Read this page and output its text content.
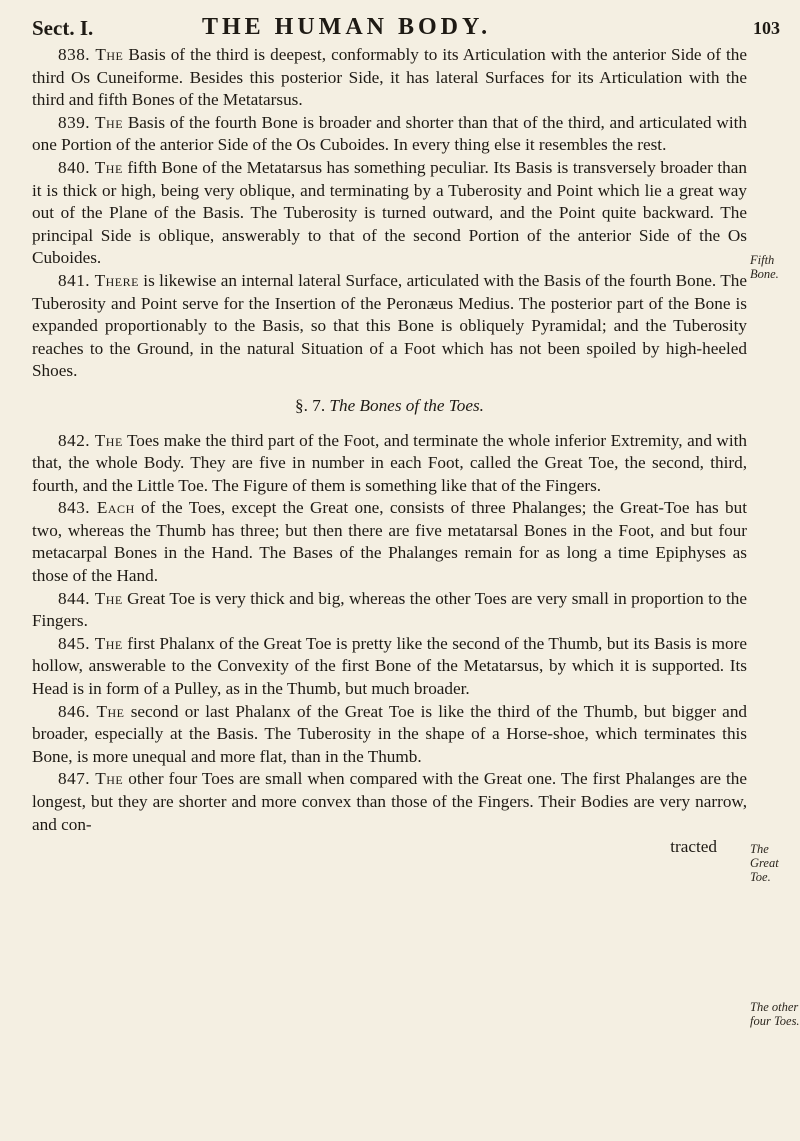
Sect. I.	THE HUMAN BODY.	103

838. The Basis of the third is deepest, conformably to its Articulation with the anterior Side of the third Os Cuneiforme. Besides this posterior Side, it has lateral Surfaces for its Articulation with the third and fifth Bones of the Metatarsus.

839. The Basis of the fourth Bone is broader and shorter than that of the third, and articulated with one Portion of the anterior Side of the Os Cuboides. In every thing else it resembles the rest.

840. The fifth Bone of the Metatarsus has something peculiar. Its Basis is transversely broader than it is thick or high, being very oblique, and terminating by a Tuberosity and Point which lie a great way out of the Plane of the Basis. The Tuberosity is turned outward, and the Point quite backward. The principal Side is oblique, answerably to that of the second Portion of the anterior Side of the Os Cuboides.

841. There is likewise an internal lateral Surface, articulated with the Basis of the fourth Bone. The Tuberosity and Point serve for the Insertion of the Peronæus Medius. The posterior part of the Bone is expanded proportionably to the Basis, so that this Bone is obliquely Pyramidal; and the Tuberosity reaches to the Ground, in the natural Situation of a Foot which has not been spoiled by high-heeled Shoes.

§. 7. The Bones of the Toes.

842. The Toes make the third part of the Foot, and terminate the whole inferior Extremity, and with that, the whole Body. They are five in number in each Foot, called the Great Toe, the second, third, fourth, and the Little Toe. The Figure of them is something like that of the Fingers.

843. Each of the Toes, except the Great one, consists of three Phalanges; the Great-Toe has but two, whereas the Thumb has three; but then there are five metatarsal Bones in the Foot, and but four metacarpal Bones in the Hand. The Bases of the Phalanges remain for as long a time Epiphyses as those of the Hand.

844. The Great Toe is very thick and big, whereas the other Toes are very small in proportion to the Fingers.

845. The first Phalanx of the Great Toe is pretty like the second of the Thumb, but its Basis is more hollow, answerable to the Convexity of the first Bone of the Metatarsus, by which it is supported. Its Head is in form of a Pulley, as in the Thumb, but much broader.

846. The second or last Phalanx of the Great Toe is like the third of the Thumb, but bigger and broader, especially at the Basis. The Tuberosity in the shape of a Horse-shoe, which terminates this Bone, is more unequal and more flat, than in the Thumb.

847. The other four Toes are small when compared with the Great one. The first Phalanges are the longest, but they are shorter and more convex than those of the Fingers. Their Bodies are very narrow, and con-

tracted

Fifth Bone.
The Great Toe.
The other four Toes.
